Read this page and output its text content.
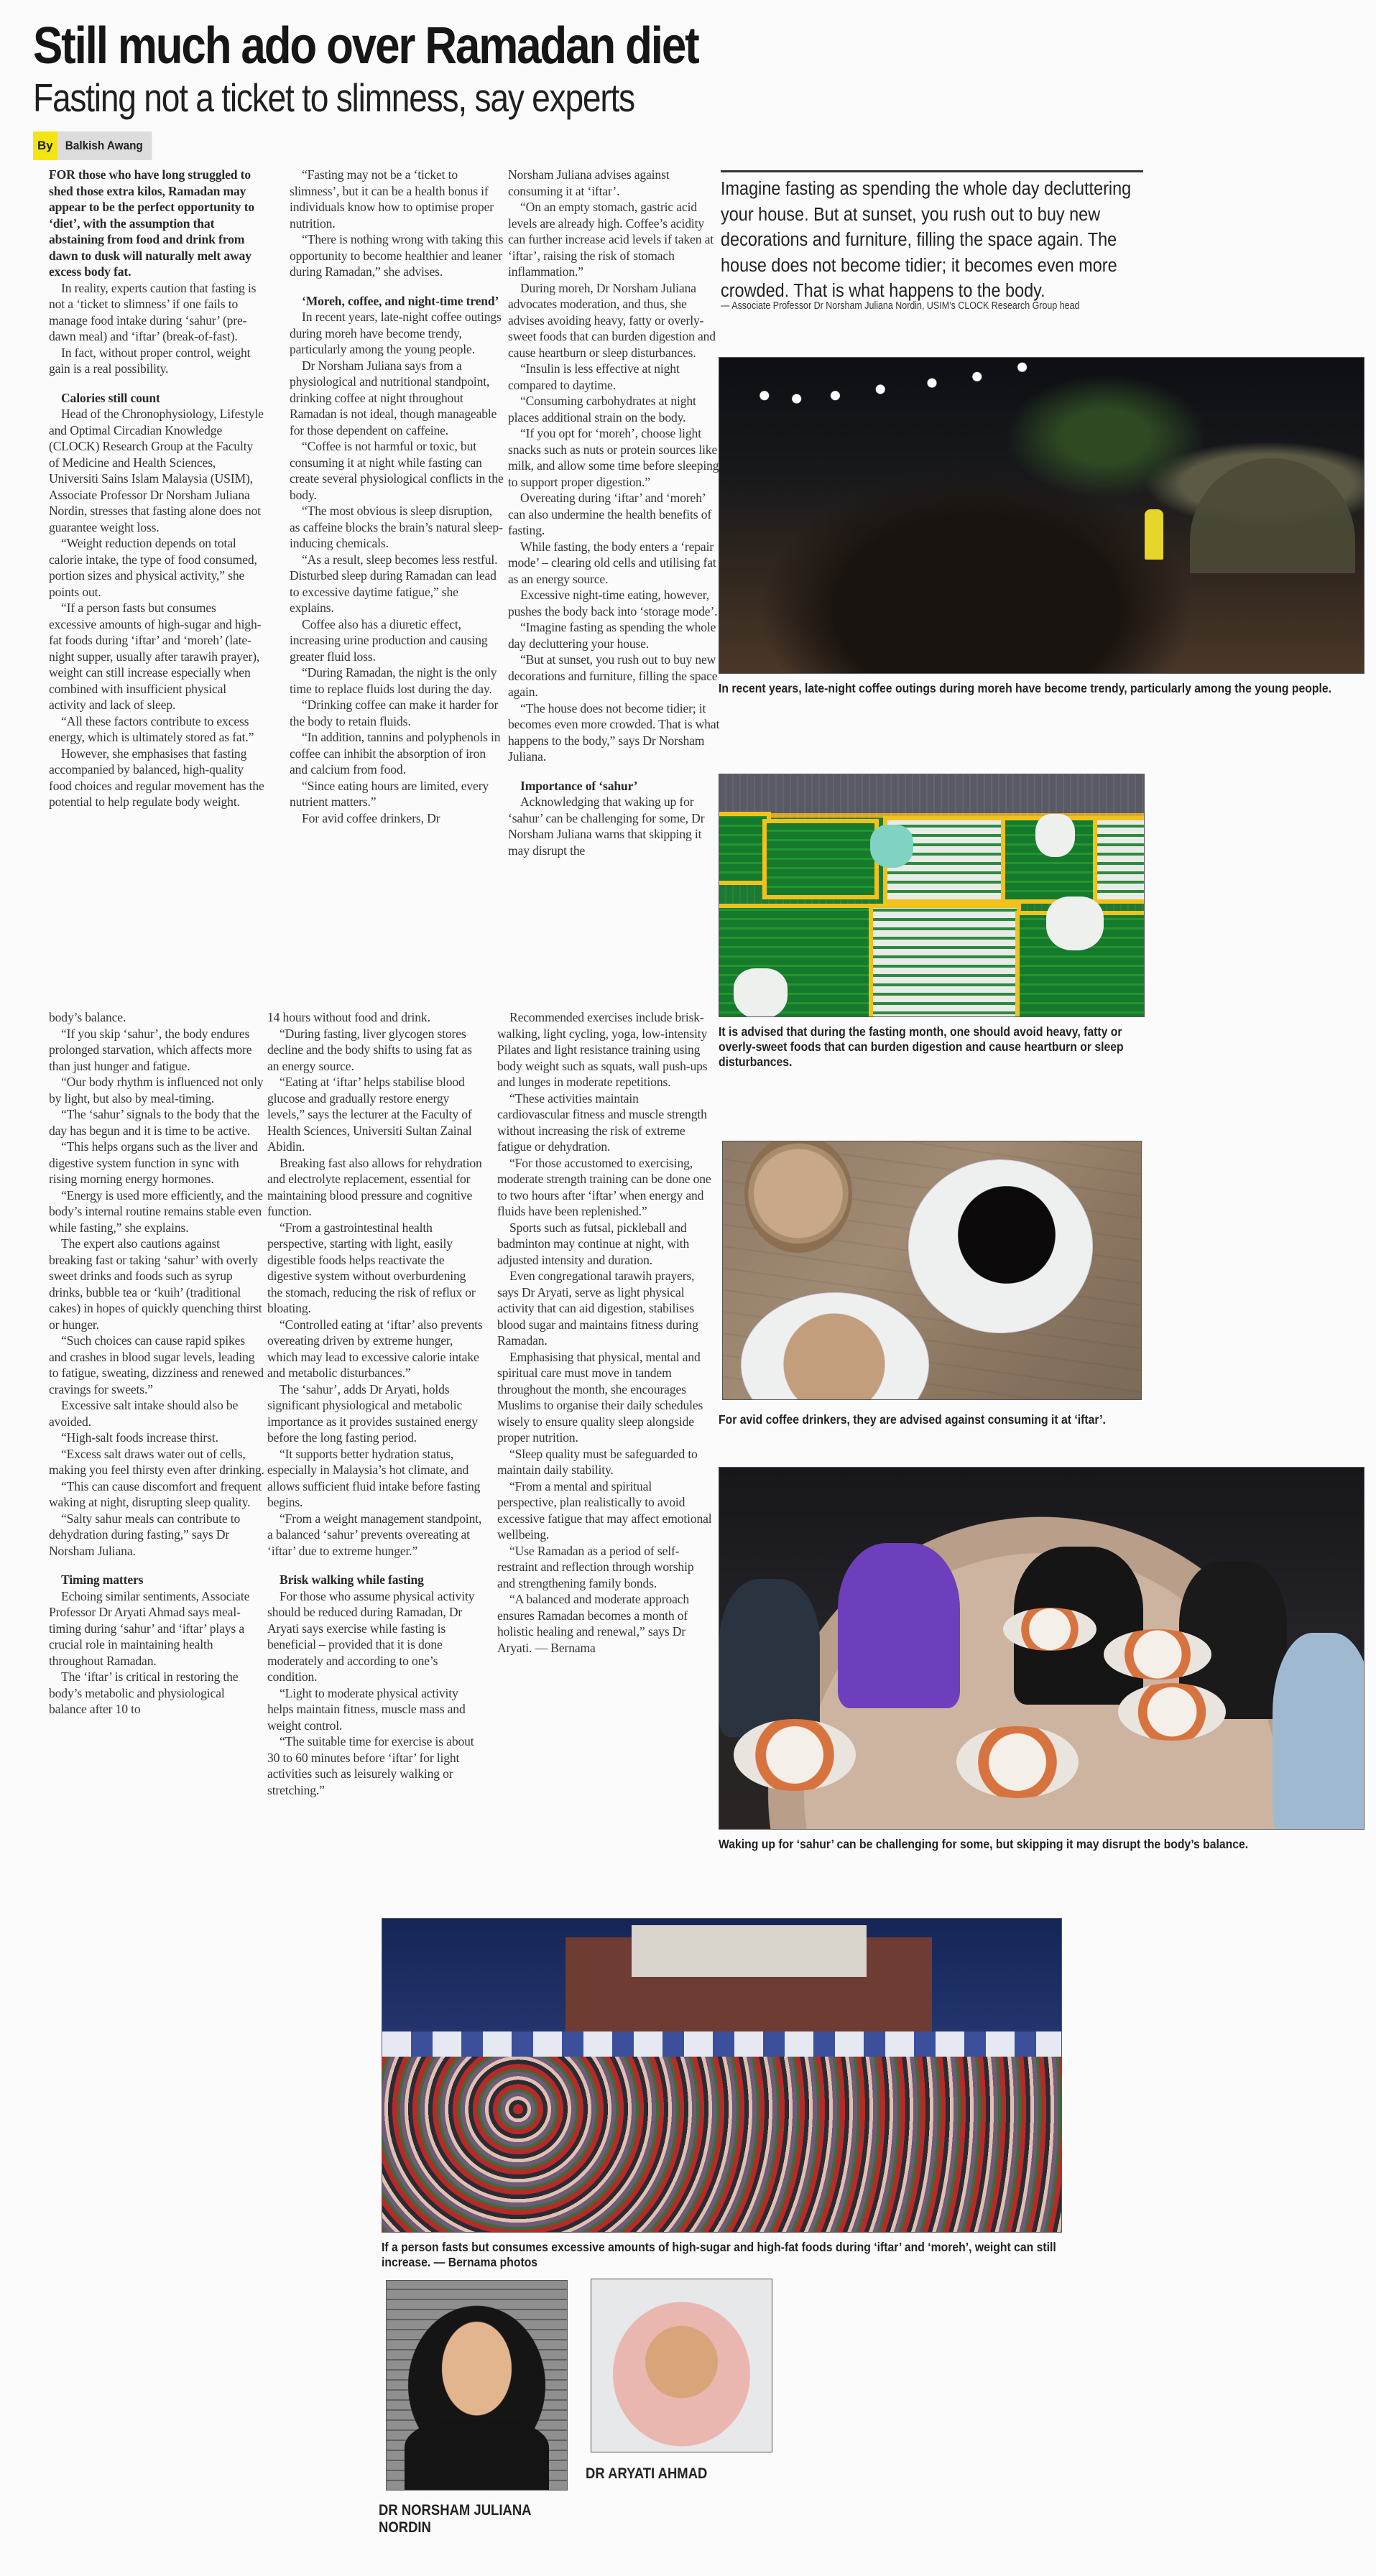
Still much ado over Ramadan diet
Fasting not a ticket to slimness, say experts
By Balkish Awang

FOR those who have long struggled to shed those extra kilos, Ramadan may appear to be the perfect opportunity to ‘diet’, with the assumption that abstaining from food and drink from dawn to dusk will naturally melt away excess body fat.

In reality, experts caution that fasting is not a ‘ticket to slimness’ if one fails to manage food intake during ‘sahur’ (pre-dawn meal) and ‘iftar’ (break-of-fast).

In fact, without proper control, weight gain is a real possibility.

Calories still count

Head of the Chronophysiology, Lifestyle and Optimal Circadian Knowledge (CLOCK) Research Group at the Faculty of Medicine and Health Sciences, Universiti Sains Islam Malaysia (USIM), Associate Professor Dr Norsham Juliana Nordin, stresses that fasting alone does not guarantee weight loss.

“Weight reduction depends on total calorie intake, the type of food consumed, portion sizes and physical activity,” she points out.

“If a person fasts but consumes excessive amounts of high-sugar and high-fat foods during ‘iftar’ and ‘moreh’ (late-night supper, usually after tarawih prayer), weight can still increase especially when combined with insufficient physical activity and lack of sleep.

“All these factors contribute to excess energy, which is ultimately stored as fat.”

However, she emphasises that fasting accompanied by balanced, high-quality food choices and regular movement has the potential to help regulate body weight.

“Fasting may not be a ‘ticket to slimness’, but it can be a health bonus if individuals know how to optimise proper nutrition.

“There is nothing wrong with taking this opportunity to become healthier and leaner during Ramadan,” she advises.

‘Moreh, coffee, and night-time trend’

In recent years, late-night coffee outings during moreh have become trendy, particularly among the young people.

Dr Norsham Juliana says from a physiological and nutritional standpoint, drinking coffee at night throughout Ramadan is not ideal, though manageable for those dependent on caffeine.

“Coffee is not harmful or toxic, but consuming it at night while fasting can create several physiological conflicts in the body.

“The most obvious is sleep disruption, as caffeine blocks the brain’s natural sleep-inducing chemicals.

“As a result, sleep becomes less restful. Disturbed sleep during Ramadan can lead to excessive daytime fatigue,” she explains.

Coffee also has a diuretic effect, increasing urine production and causing greater fluid loss.

“During Ramadan, the night is the only time to replace fluids lost during the day.

“Drinking coffee can make it harder for the body to retain fluids.

“In addition, tannins and polyphenols in coffee can inhibit the absorption of iron and calcium from food.

“Since eating hours are limited, every nutrient matters.”

For avid coffee drinkers, Dr

Norsham Juliana advises against consuming it at ‘iftar’.

“On an empty stomach, gastric acid levels are already high. Coffee’s acidity can further increase acid levels if taken at ‘iftar’, raising the risk of stomach inflammation.”

During moreh, Dr Norsham Juliana advocates moderation, and thus, she advises avoiding heavy, fatty or overly-sweet foods that can burden digestion and cause heartburn or sleep disturbances.

“Insulin is less effective at night compared to daytime.

“Consuming carbohydrates at night places additional strain on the body.

“If you opt for ‘moreh’, choose light snacks such as nuts or protein sources like milk, and allow some time before sleeping to support proper digestion.”

Overeating during ‘iftar’ and ‘moreh’ can also undermine the health benefits of fasting.

While fasting, the body enters a ‘repair mode’ – clearing old cells and utilising fat as an energy source.

Excessive night-time eating, however, pushes the body back into ‘storage mode’.

“Imagine fasting as spending the whole day decluttering your house.

“But at sunset, you rush out to buy new decorations and furniture, filling the space again.

“The house does not become tidier; it becomes even more crowded. That is what happens to the body,” says Dr Norsham Juliana.

Importance of ‘sahur’

Acknowledging that waking up for ‘sahur’ can be challenging for some, Dr Norsham Juliana warns that skipping it may disrupt the

body’s balance.

“If you skip ‘sahur’, the body endures prolonged starvation, which affects more than just hunger and fatigue.

“Our body rhythm is influenced not only by light, but also by meal-timing.

“The ‘sahur’ signals to the body that the day has begun and it is time to be active.

“This helps organs such as the liver and digestive system function in sync with rising morning energy hormones.

“Energy is used more efficiently, and the body’s internal routine remains stable even while fasting,” she explains.

The expert also cautions against breaking fast or taking ‘sahur’ with overly sweet drinks and foods such as syrup drinks, bubble tea or ‘kuih’ (traditional cakes) in hopes of quickly quenching thirst or hunger.

“Such choices can cause rapid spikes and crashes in blood sugar levels, leading to fatigue, sweating, dizziness and renewed cravings for sweets.”

Excessive salt intake should also be avoided.

“High-salt foods increase thirst.

“Excess salt draws water out of cells, making you feel thirsty even after drinking.

“This can cause discomfort and frequent waking at night, disrupting sleep quality.

“Salty sahur meals can contribute to dehydration during fasting,” says Dr Norsham Juliana.

Timing matters

Echoing similar sentiments, Associate Professor Dr Aryati Ahmad says meal-timing during ‘sahur’ and ‘iftar’ plays a crucial role in maintaining health throughout Ramadan.

The ‘iftar’ is critical in restoring the body’s metabolic and physiological balance after 10 to

14 hours without food and drink.

“During fasting, liver glycogen stores decline and the body shifts to using fat as an energy source.

“Eating at ‘iftar’ helps stabilise blood glucose and gradually restore energy levels,” says the lecturer at the Faculty of Health Sciences, Universiti Sultan Zainal Abidin.

Breaking fast also allows for rehydration and electrolyte replacement, essential for maintaining blood pressure and cognitive function.

“From a gastrointestinal health perspective, starting with light, easily digestible foods helps reactivate the digestive system without overburdening the stomach, reducing the risk of reflux or bloating.

“Controlled eating at ‘iftar’ also prevents overeating driven by extreme hunger, which may lead to excessive calorie intake and metabolic disturbances.”

The ‘sahur’, adds Dr Aryati, holds significant physiological and metabolic importance as it provides sustained energy before the long fasting period.

“It supports better hydration status, especially in Malaysia’s hot climate, and allows sufficient fluid intake before fasting begins.

“From a weight management standpoint, a balanced ‘sahur’ prevents overeating at ‘iftar’ due to extreme hunger.”

Brisk walking while fasting

For those who assume physical activity should be reduced during Ramadan, Dr Aryati says exercise while fasting is beneficial – provided that it is done moderately and according to one’s condition.

“Light to moderate physical activity helps maintain fitness, muscle mass and weight control.

“The suitable time for exercise is about 30 to 60 minutes before ‘iftar’ for light activities such as leisurely walking or stretching.”

Recommended exercises include brisk-walking, light cycling, yoga, low-intensity Pilates and light resistance training using body weight such as squats, wall push-ups and lunges in moderate repetitions.

“These activities maintain cardiovascular fitness and muscle strength without increasing the risk of extreme fatigue or dehydration.

“For those accustomed to exercising, moderate strength training can be done one to two hours after ‘iftar’ when energy and fluids have been replenished.”

Sports such as futsal, pickleball and badminton may continue at night, with adjusted intensity and duration.

Even congregational tarawih prayers, says Dr Aryati, serve as light physical activity that can aid digestion, stabilises blood sugar and maintains fitness during Ramadan.

Emphasising that physical, mental and spiritual care must move in tandem throughout the month, she encourages Muslims to organise their daily schedules wisely to ensure quality sleep alongside proper nutrition.

“Sleep quality must be safeguarded to maintain daily stability.

“From a mental and spiritual perspective, plan realistically to avoid excessive fatigue that may affect emotional wellbeing.

“Use Ramadan as a period of self-restraint and reflection through worship and strengthening family bonds.

“A balanced and moderate approach ensures Ramadan becomes a month of holistic healing and renewal,” says Dr Aryati. — Bernama

Imagine fasting as spending the whole day decluttering your house. But at sunset, you rush out to buy new decorations and furniture, filling the space again. The house does not become tidier; it becomes even more crowded. That is what happens to the body.
— Associate Professor Dr Norsham Juliana Nordin, USIM’s CLOCK Research Group head
In recent years, late-night coffee outings during moreh have become trendy, particularly among the young people.
It is advised that during the fasting month, one should avoid heavy, fatty or overly-sweet foods that can burden digestion and cause heartburn or sleep disturbances.
For avid coffee drinkers, they are advised against consuming it at ‘iftar’.
Waking up for ‘sahur’ can be challenging for some, but skipping it may disrupt the body’s balance.
If a person fasts but consumes excessive amounts of high-sugar and high-fat foods during ‘iftar’ and ‘moreh’, weight can still increase. — Bernama photos
DR NORSHAM JULIANA NORDIN
DR ARYATI AHMAD
